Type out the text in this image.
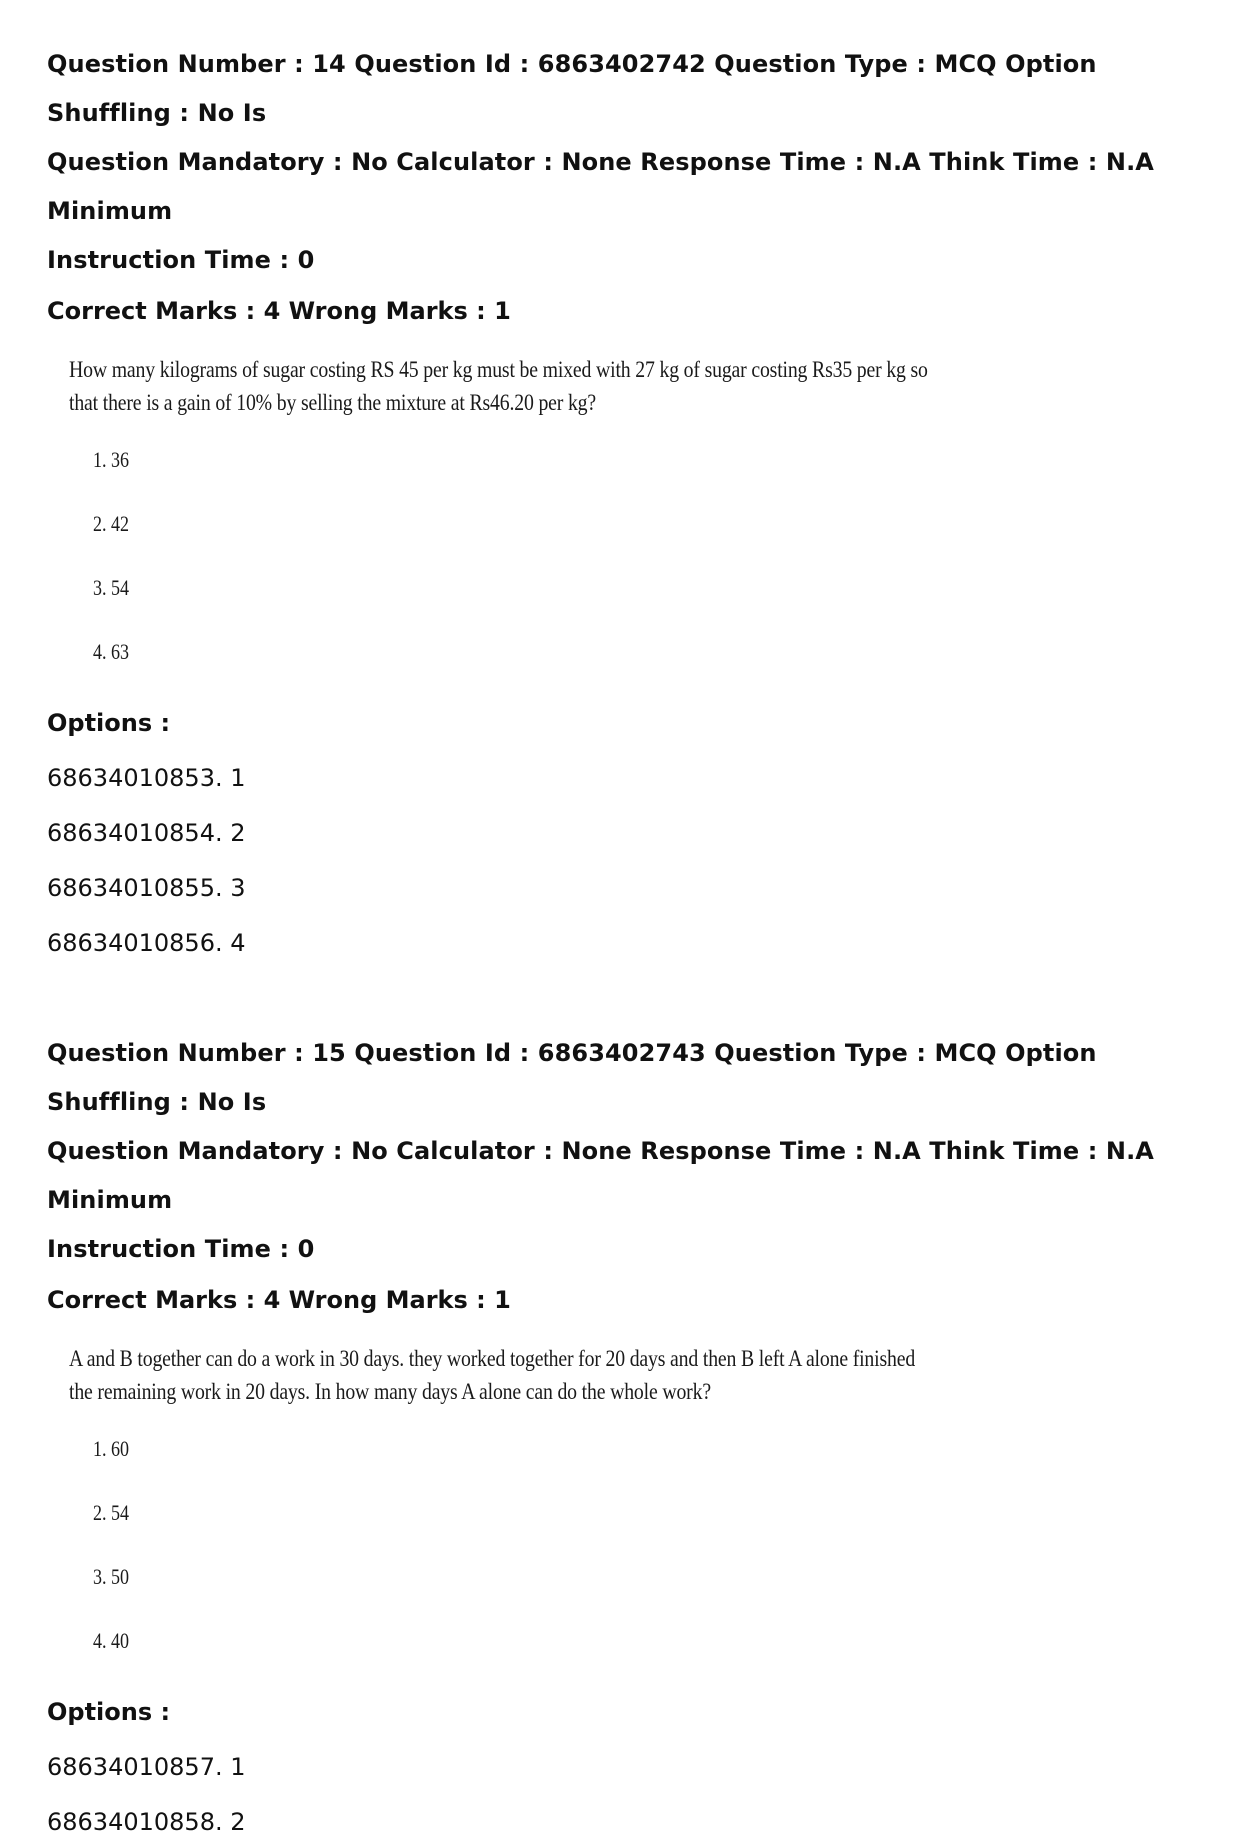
Question Number : 14 Question Id : 6863402742 Question Type : MCQ Option Shuffling : No Is
Question Mandatory : No Calculator : None Response Time : N.A Think Time : N.A Minimum
Instruction Time : 0
Correct Marks : 4 Wrong Marks : 1
How many kilograms of sugar costing RS 45 per kg must be mixed with 27 kg of sugar costing Rs35 per kg so
that there is a gain of 10% by selling the mixture at Rs46.20 per kg?
1. 36
2. 42
3. 54
4. 63
Options :
68634010853 . 1
68634010854 . 2
68634010855 . 3
68634010856 . 4
Question Number : 15 Question Id : 6863402743 Question Type : MCQ Option Shuffling : No Is
Question Mandatory : No Calculator : None Response Time : N.A Think Time : N.A Minimum
Instruction Time : 0
Correct Marks : 4 Wrong Marks : 1
A and B together can do a work in 30 days. they worked together for 20 days and then B left A alone finished
the remaining work in 20 days. In how many days A alone can do the whole work?
1. 60
2. 54
3. 50
4. 40
Options :
68634010857 . 1
68634010858 . 2
